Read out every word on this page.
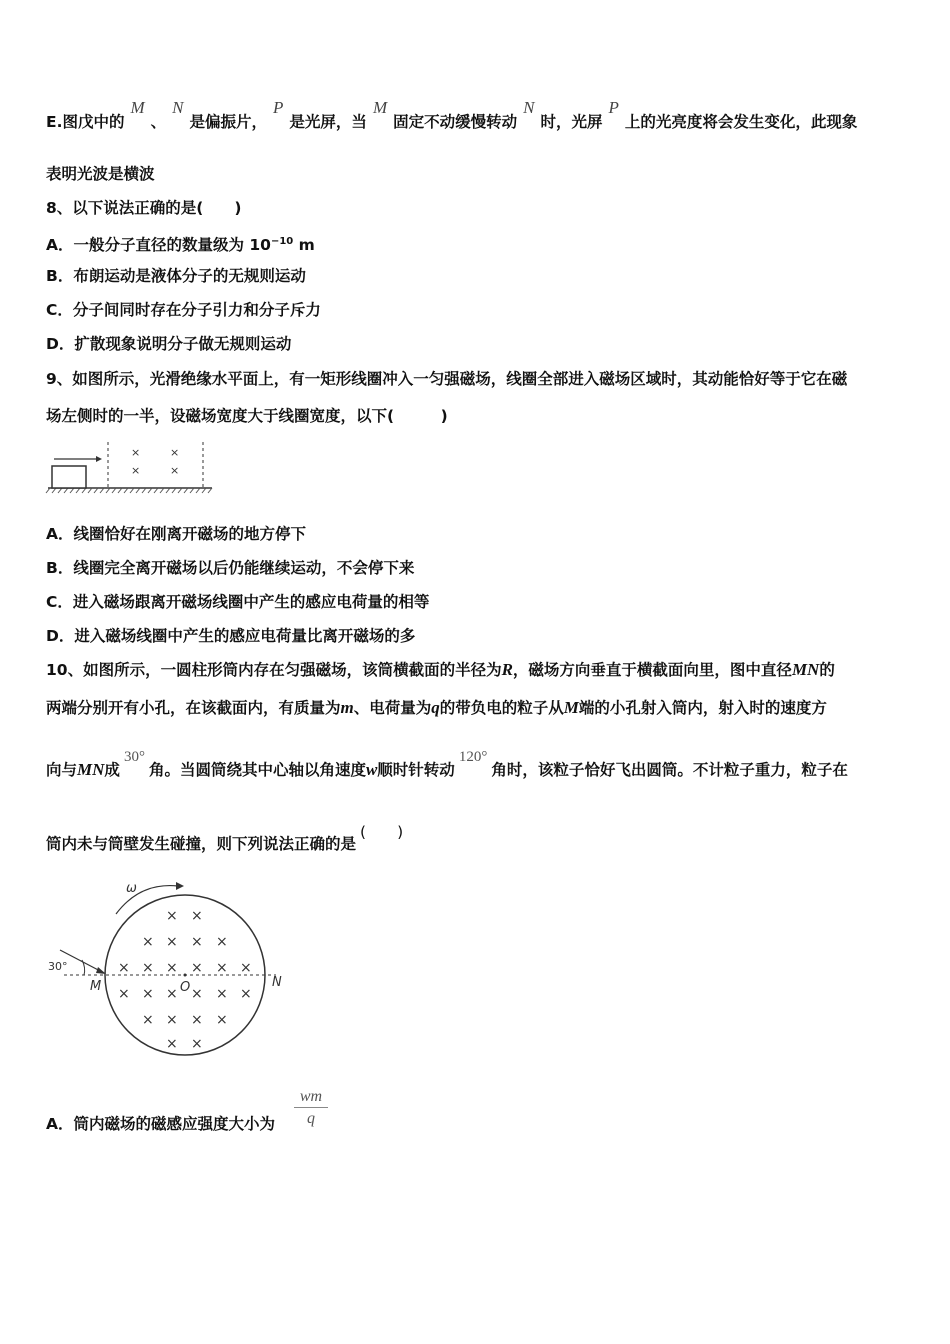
E.图戊中的M、N是偏振片，P是光屏，当M固定不动缓慢转动N时，光屏P上的光亮度将会发生变化，此现象
表明光波是横波
8、以下说法正确的是(　　)
A．一般分子直径的数量级为 $10^{-10}$ m
B．布朗运动是液体分子的无规则运动
C．分子间同时存在分子引力和分子斥力
D．扩散现象说明分子做无规则运动
9、如图所示，光滑绝缘水平面上，有一矩形线圈冲入一匀强磁场，线圈全部进入磁场区域时，其动能恰好等于它在磁
场左侧时的一半，设磁场宽度大于线圈宽度，以下(　　　)
×	×
×	×
A．线圈恰好在刚离开磁场的地方停下
B．线圈完全离开磁场以后仍能继续运动，不会停下来
C．进入磁场跟离开磁场线圈中产生的感应电荷量的相等
D．进入磁场线圈中产生的感应电荷量比离开磁场的多
10、如图所示，一圆柱形筒内存在匀强磁场，该筒横截面的半径为R，磁场方向垂直于横截面向里，图中直径MN的
两端分别开有小孔，在该截面内，有质量为m、电荷量为q的带负电的粒子从M端的小孔射入筒内，射入时的速度方
向与MN成30°角。当圆筒绕其中心轴以角速度w顺时针转动120°角时，该粒子恰好飞出圆筒。不计粒子重力，粒子在
筒内未与筒壁发生碰撞，则下列说法正确的是(　　)
ω
30°
M	O	N
× ×
× × × ×
× × × × × ×
× × × × × ×
× × × ×
× ×
A．筒内磁场的磁感应强度大小为 $\frac{wm}{q}$
